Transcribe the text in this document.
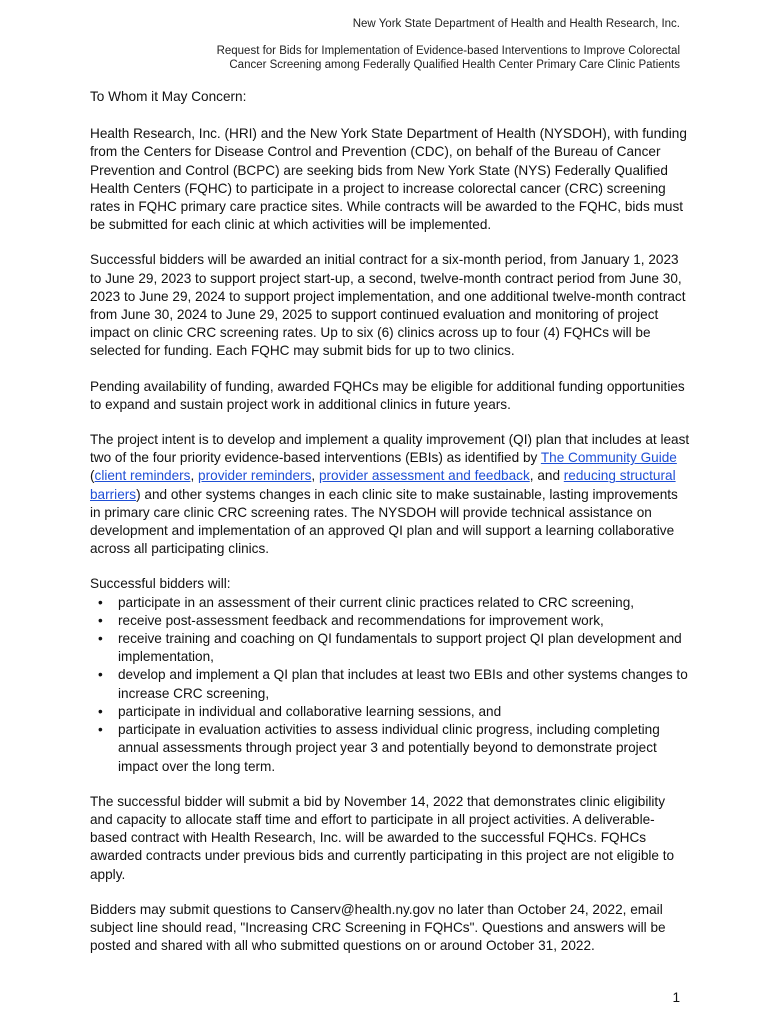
New York State Department of Health and Health Research, Inc.
Request for Bids for Implementation of Evidence-based Interventions to Improve Colorectal
Cancer Screening among Federally Qualified Health Center Primary Care Clinic Patients

To Whom it May Concern:

Health Research, Inc. (HRI) and the New York State Department of Health (NYSDOH), with funding from the Centers for Disease Control and Prevention (CDC), on behalf of the Bureau of Cancer Prevention and Control (BCPC) are seeking bids from New York State (NYS) Federally Qualified Health Centers (FQHC) to participate in a project to increase colorectal cancer (CRC) screening rates in FQHC primary care practice sites. While contracts will be awarded to the FQHC, bids must be submitted for each clinic at which activities will be implemented.

Successful bidders will be awarded an initial contract for a six-month period, from January 1, 2023 to June 29, 2023 to support project start-up, a second, twelve-month contract period from June 30, 2023 to June 29, 2024 to support project implementation, and one additional twelve-month contract from June 30, 2024 to June 29, 2025 to support continued evaluation and monitoring of project impact on clinic CRC screening rates. Up to six (6) clinics across up to four (4) FQHCs will be selected for funding. Each FQHC may submit bids for up to two clinics.

Pending availability of funding, awarded FQHCs may be eligible for additional funding opportunities to expand and sustain project work in additional clinics in future years.

The project intent is to develop and implement a quality improvement (QI) plan that includes at least two of the four priority evidence-based interventions (EBIs) as identified by The Community Guide (client reminders, provider reminders, provider assessment and feedback, and reducing structural barriers) and other systems changes in each clinic site to make sustainable, lasting improvements in primary care clinic CRC screening rates. The NYSDOH will provide technical assistance on development and implementation of an approved QI plan and will support a learning collaborative across all participating clinics.

Successful bidders will:
• participate in an assessment of their current clinic practices related to CRC screening,
• receive post-assessment feedback and recommendations for improvement work,
• receive training and coaching on QI fundamentals to support project QI plan development and implementation,
• develop and implement a QI plan that includes at least two EBIs and other systems changes to increase CRC screening,
• participate in individual and collaborative learning sessions, and
• participate in evaluation activities to assess individual clinic progress, including completing annual assessments through project year 3 and potentially beyond to demonstrate project impact over the long term.

The successful bidder will submit a bid by November 14, 2022 that demonstrates clinic eligibility and capacity to allocate staff time and effort to participate in all project activities. A deliverable-based contract with Health Research, Inc. will be awarded to the successful FQHCs. FQHCs awarded contracts under previous bids and currently participating in this project are not eligible to apply.

Bidders may submit questions to Canserv@health.ny.gov no later than October 24, 2022, email subject line should read, "Increasing CRC Screening in FQHCs". Questions and answers will be posted and shared with all who submitted questions on or around October 31, 2022.

1
